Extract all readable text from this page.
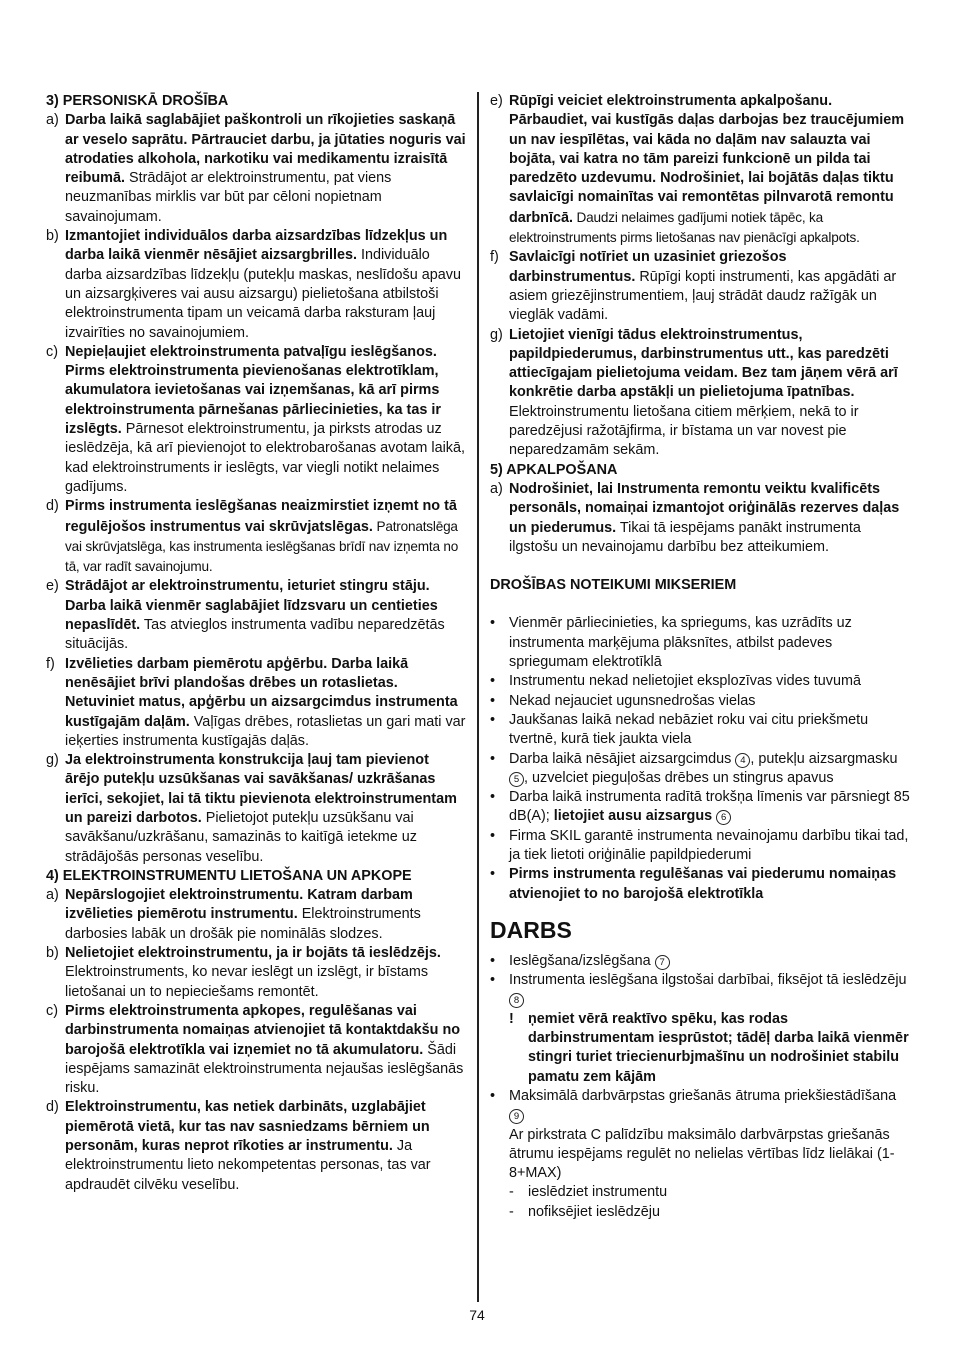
3) PERSONISKĀ DROŠĪBA

a) Darba laikā saglabājiet paškontroli un rīkojieties saskaņā ar veselo saprātu. Pārtrauciet darbu, ja jūtaties noguris vai atrodaties alkohola, narkotiku vai medikamentu izraisītā reibumā. Strādājot ar elektroinstrumentu, pat viens neuzmanības mirklis var būt par cēloni nopietnam savainojumam.
b) Izmantojiet individuālos darba aizsardzības līdzekļus un darba laikā vienmēr nēsājiet aizsargbrilles. Individuālo darba aizsardzības līdzekļu (putekļu maskas, neslīdošu apavu un aizsargķiveres vai ausu aizsargu) pielietošana atbilstoši elektroinstrumenta tipam un veicamā darba raksturam ļauj izvairīties no savainojumiem.
c) Nepieļaujiet elektroinstrumenta patvaļīgu ieslēgšanos. Pirms elektroinstrumenta pievienošanas elektrotīklam, akumulatora ievietošanas vai izņemšanas, kā arī pirms elektroinstrumenta pārnešanas pārliecinieties, ka tas ir izslēgts. Pārnesot elektroinstrumentu, ja pirksts atrodas uz ieslēdzēja, kā arī pievienojot to elektrobarošanas avotam laikā, kad elektroinstruments ir ieslēgts, var viegli notikt nelaimes gadījums.
d) Pirms instrumenta ieslēgšanas neaizmirstiet izņemt no tā regulējošos instrumentus vai skrūvjatslēgas. Patronatslēga vai skrūvjatslēga, kas instrumenta ieslēgšanas brīdī nav izņemta no tā, var radīt savainojumu.
e) Strādājot ar elektroinstrumentu, ieturiet stingru stāju. Darba laikā vienmēr saglabājiet līdzsvaru un centieties nepaslīdēt. Tas atvieglos instrumenta vadību neparedzētās situācijās.
f) Izvēlieties darbam piemērotu apģērbu. Darba laikā nenēsājiet brīvi plandošas drēbes un rotaslietas. Netuviniet matus, apģērbu un aizsargcimdus instrumenta kustīgajām daļām. Vaļīgas drēbes, rotaslietas un gari mati var ieķerties instrumenta kustīgajās daļās.
g) Ja elektroinstrumenta konstrukcija ļauj tam pievienot ārējo putekļu uzsūkšanas vai savākšanas/ uzkrāšanas ierīci, sekojiet, lai tā tiktu pievienota elektroinstrumentam un pareizi darbotos. Pielietojot putekļu uzsūkšanu vai savākšanu/uzkrāšanu, samazinās to kaitīgā ietekme uz strādājošās personas veselību.

4) ELEKTROINSTRUMENTU LIETOŠANA UN APKOPE

a) Nepārslogojiet elektroinstrumentu. Katram darbam izvēlieties piemērotu instrumentu. Elektroinstruments darbosies labāk un drošāk pie nominālās slodzes.
b) Nelietojiet elektroinstrumentu, ja ir bojāts tā ieslēdzējs. Elektroinstruments, ko nevar ieslēgt un izslēgt, ir bīstams lietošanai un to nepieciešams remontēt.
c) Pirms elektroinstrumenta apkopes, regulēšanas vai darbinstrumenta nomaiņas atvienojiet tā kontaktdakšu no barojošā elektrotīkla vai izņemiet no tā akumulatoru. Šādi iespējams samazināt elektroinstrumenta nejaušas ieslēgšanās risku.
d) Elektroinstrumentu, kas netiek darbināts, uzglabājiet piemērotā vietā, kur tas nav sasniedzams bērniem un personām, kuras neprot rīkoties ar instrumentu. Ja elektroinstrumentu lieto nekompetentas personas, tas var apdraudēt cilvēku veselību.
e) Rūpīgi veiciet elektroinstrumenta apkalpošanu. Pārbaudiet, vai kustīgās daļas darbojas bez traucējumiem un nav iespīlētas, vai kāda no daļām nav salauzta vai bojāta, vai katra no tām pareizi funkcionē un pilda tai paredzēto uzdevumu. Nodrošiniet, lai bojātās daļas tiktu savlaicīgi nomainītas vai remontētas pilnvarotā remontu darbnīcā. Daudzi nelaimes gadījumi notiek tāpēc, ka elektroinstruments pirms lietošanas nav pienācīgi apkalpots.
f) Savlaicīgi notīriet un uzasiniet griezošos darbinstrumentus. Rūpīgi kopti instrumenti, kas apgādāti ar asiem griezējinstrumentiem, ļauj strādāt daudz ražīgāk un vieglāk vadāmi.
g) Lietojiet vienīgi tādus elektroinstrumentus, papildpiederumus, darbinstrumentus utt., kas paredzēti attiecīgajam pielietojuma veidam. Bez tam jāņem vērā arī konkrētie darba apstākļi un pielietojuma īpatnības. Elektroinstrumentu lietošana citiem mērķiem, nekā to ir paredzējusi ražotājfirma, ir bīstama un var novest pie neparedzamām sekām.

5) APKALPOŠANA

a) Nodrošiniet, lai Instrumenta remontu veiktu kvalificēts personāls, nomaiņai izmantojot oriģinālās rezerves daļas un piederumus. Tikai tā iespējams panākt instrumenta ilgstošu un nevainojamu darbību bez atteikumiem.

DROŠĪBAS NOTEIKUMI MIKSERIEM

• Vienmēr pārliecinieties, ka spriegums, kas uzrādīts uz instrumenta marķējuma plāksnītes, atbilst padeves spriegumam elektrotīklā
• Instrumentu nekad nelietojiet eksplozīvas vides tuvumā
• Nekad nejauciet ugunsnedrošas vielas
• Jaukšanas laikā nekad nebāziet roku vai citu priekšmetu tvertnē, kurā tiek jaukta viela
• Darba laikā nēsājiet aizsargcimdus 4 , putekļu aizsargmasku 5 , uzvelciet pieguļošas drēbes un stingrus apavus
• Darba laikā instrumenta radītā trokšņa līmenis var pārsniegt 85 dB(A); lietojiet ausu aizsargus 6
• Firma SKIL garantē instrumenta nevainojamu darbību tikai tad, ja tiek lietoti oriģinālie papildpiederumi
• Pirms instrumenta regulēšanas vai piederumu nomaiņas atvienojiet to no barojošā elektrotīkla
DARBS
• Ieslēgšana/izslēgšana 7
• Instrumenta ieslēgšana ilgstošai darbībai, fiksējot tā ieslēdzēju 8
! ņemiet vērā reaktīvo spēku, kas rodas darbinstrumentam iesprūstot; tādēļ darba laikā vienmēr stingri turiet triecienurbjmašīnu un nodrošiniet stabilu pamatu zem kājām
• Maksimālā darbvārpstas griešanās ātruma priekšiestādīšana 9
Ar pirkstrata C palīdzību maksimālo darbvārpstas griešanās ātrumu iespējams regulēt no nelielas vērtības līdz lielākai (1-8+MAX)
- ieslēdziet instrumentu
- nofiksējiet ieslēdzēju
74
